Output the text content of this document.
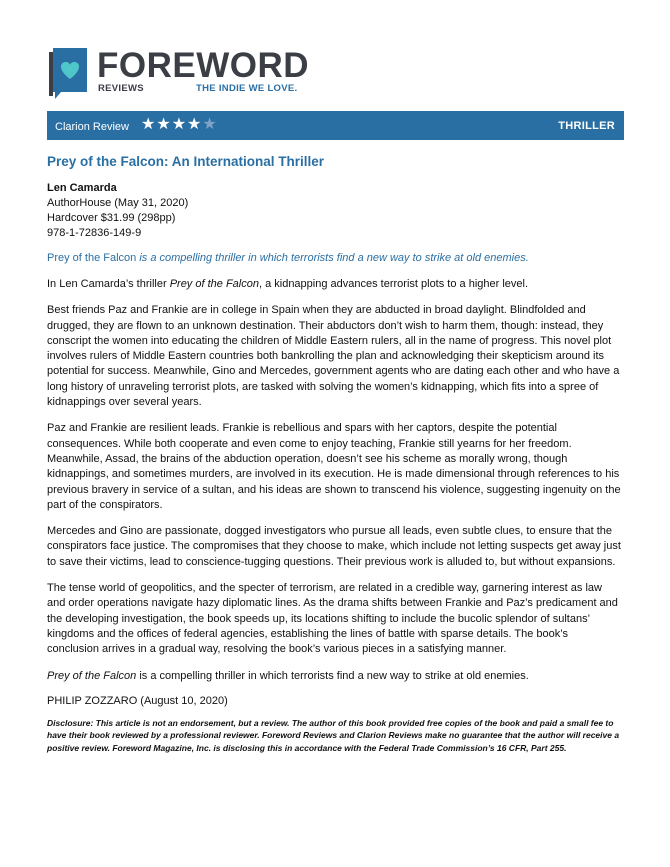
FOREWORD
REVIEWS	THE INDIE WE LOVE.
Clarion Review ★★★★★	THRILLER
Prey of the Falcon: An International Thriller
Len Camarda
AuthorHouse (May 31, 2020)
Hardcover $31.99 (298pp)
978-1-72836-149-9
Prey of the Falcon is a compelling thriller in which terrorists find a new way to strike at old enemies.

In Len Camarda’s thriller Prey of the Falcon, a kidnapping advances terrorist plots to a higher level.

Best friends Paz and Frankie are in college in Spain when they are abducted in broad daylight. Blindfolded and drugged, they are flown to an unknown destination. Their abductors don’t wish to harm them, though: instead, they conscript the women into educating the children of Middle Eastern rulers, all in the name of progress. This novel plot involves rulers of Middle Eastern countries both bankrolling the plan and acknowledging their skepticism around its potential for success. Meanwhile, Gino and Mercedes, government agents who are dating each other and who have a long history of unraveling terrorist plots, are tasked with solving the women’s kidnapping, which fits into a spree of kidnappings over several years.

Paz and Frankie are resilient leads. Frankie is rebellious and spars with her captors, despite the potential consequences. While both cooperate and even come to enjoy teaching, Frankie still yearns for her freedom. Meanwhile, Assad, the brains of the abduction operation, doesn’t see his scheme as morally wrong, though kidnappings, and sometimes murders, are involved in its execution. He is made dimensional through references to his previous bravery in service of a sultan, and his ideas are shown to transcend his violence, suggesting ingenuity on the part of the conspirators.

Mercedes and Gino are passionate, dogged investigators who pursue all leads, even subtle clues, to ensure that the conspirators face justice. The compromises that they choose to make, which include not letting suspects get away just to save their victims, lead to conscience-tugging questions. Their previous work is alluded to, but without expansions.

The tense world of geopolitics, and the specter of terrorism, are related in a credible way, garnering interest as law and order operations navigate hazy diplomatic lines. As the drama shifts between Frankie and Paz’s predicament and the developing investigation, the book speeds up, its locations shifting to include the bucolic splendor of sultans’ kingdoms and the offices of federal agencies, establishing the lines of battle with sparse details. The book’s conclusion arrives in a gradual way, resolving the book’s various pieces in a satisfying manner.

Prey of the Falcon is a compelling thriller in which terrorists find a new way to strike at old enemies.

PHILIP ZOZZARO (August 10, 2020)

Disclosure: This article is not an endorsement, but a review. The author of this book provided free copies of the book and paid a small fee to have their book reviewed by a professional reviewer. Foreword Reviews and Clarion Reviews make no guarantee that the author will receive a positive review. Foreword Magazine, Inc. is disclosing this in accordance with the Federal Trade Commission’s 16 CFR, Part 255.
